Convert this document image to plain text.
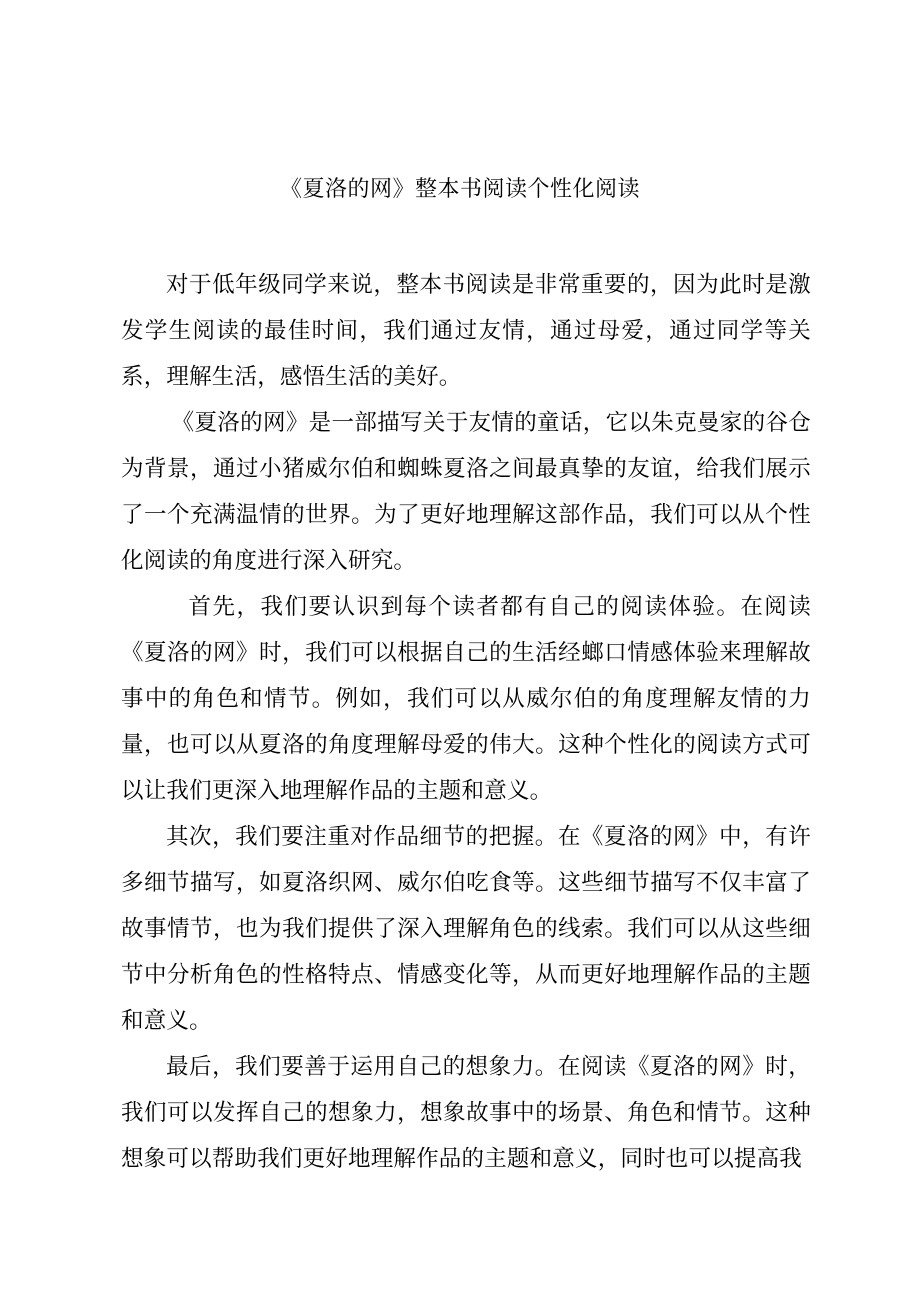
《夏洛的网》整本书阅读个性化阅读

对于低年级同学来说，整本书阅读是非常重要的，因为此时是激发学生阅读的最佳时间，我们通过友情，通过母爱，通过同学等关系，理解生活，感悟生活的美好。

《夏洛的网》是一部描写关于友情的童话，它以朱克曼家的谷仓为背景，通过小猪威尔伯和蜘蛛夏洛之间最真挚的友谊，给我们展示了一个充满温情的世界。为了更好地理解这部作品，我们可以从个性化阅读的角度进行深入研究。

首先，我们要认识到每个读者都有自己的阅读体验。在阅读《夏洛的网》时，我们可以根据自己的生活经螂口情感体验来理解故事中的角色和情节。例如，我们可以从威尔伯的角度理解友情的力量，也可以从夏洛的角度理解母爱的伟大。这种个性化的阅读方式可以让我们更深入地理解作品的主题和意义。

其次，我们要注重对作品细节的把握。在《夏洛的网》中，有许多细节描写，如夏洛织网、威尔伯吃食等。这些细节描写不仅丰富了故事情节，也为我们提供了深入理解角色的线索。我们可以从这些细节中分析角色的性格特点、情感变化等，从而更好地理解作品的主题和意义。

最后，我们要善于运用自己的想象力。在阅读《夏洛的网》时，我们可以发挥自己的想象力，想象故事中的场景、角色和情节。这种想象可以帮助我们更好地理解作品的主题和意义，同时也可以提高我
